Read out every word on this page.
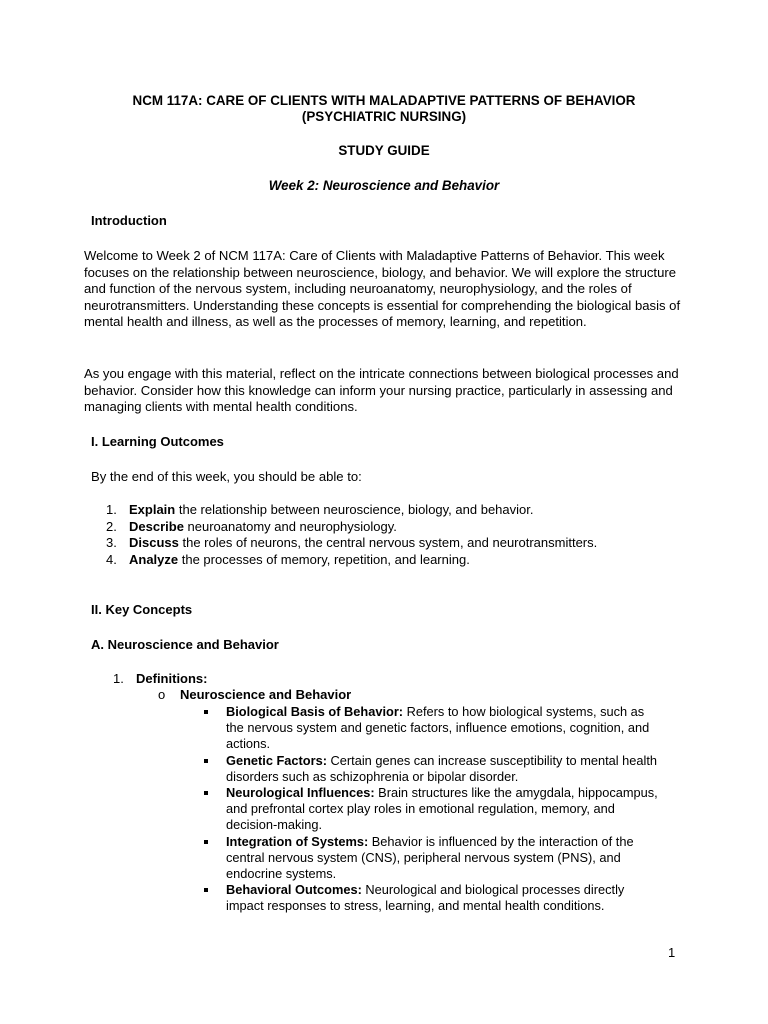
NCM 117A: CARE OF CLIENTS WITH MALADAPTIVE PATTERNS OF BEHAVIOR
(PSYCHIATRIC NURSING)
STUDY GUIDE
Week 2: Neuroscience and Behavior
Introduction

Welcome to Week 2 of NCM 117A: Care of Clients with Maladaptive Patterns of Behavior. This week focuses on the relationship between neuroscience, biology, and behavior. We will explore the structure and function of the nervous system, including neuroanatomy, neurophysiology, and the roles of neurotransmitters. Understanding these concepts is essential for comprehending the biological basis of mental health and illness, as well as the processes of memory, learning, and repetition.

As you engage with this material, reflect on the intricate connections between biological processes and behavior. Consider how this knowledge can inform your nursing practice, particularly in assessing and managing clients with mental health conditions.

I. Learning Outcomes

By the end of this week, you should be able to:

1. Explain the relationship between neuroscience, biology, and behavior.
2. Describe neuroanatomy and neurophysiology.
3. Discuss the roles of neurons, the central nervous system, and neurotransmitters.
4. Analyze the processes of memory, repetition, and learning.
II. Key Concepts
A. Neuroscience and Behavior
1. Definitions:
o Neuroscience and Behavior
Biological Basis of Behavior: Refers to how biological systems, such as the nervous system and genetic factors, influence emotions, cognition, and actions.
Genetic Factors: Certain genes can increase susceptibility to mental health disorders such as schizophrenia or bipolar disorder.
Neurological Influences: Brain structures like the amygdala, hippocampus, and prefrontal cortex play roles in emotional regulation, memory, and decision-making.
Integration of Systems: Behavior is influenced by the interaction of the central nervous system (CNS), peripheral nervous system (PNS), and endocrine systems.
Behavioral Outcomes: Neurological and biological processes directly impact responses to stress, learning, and mental health conditions.
1
